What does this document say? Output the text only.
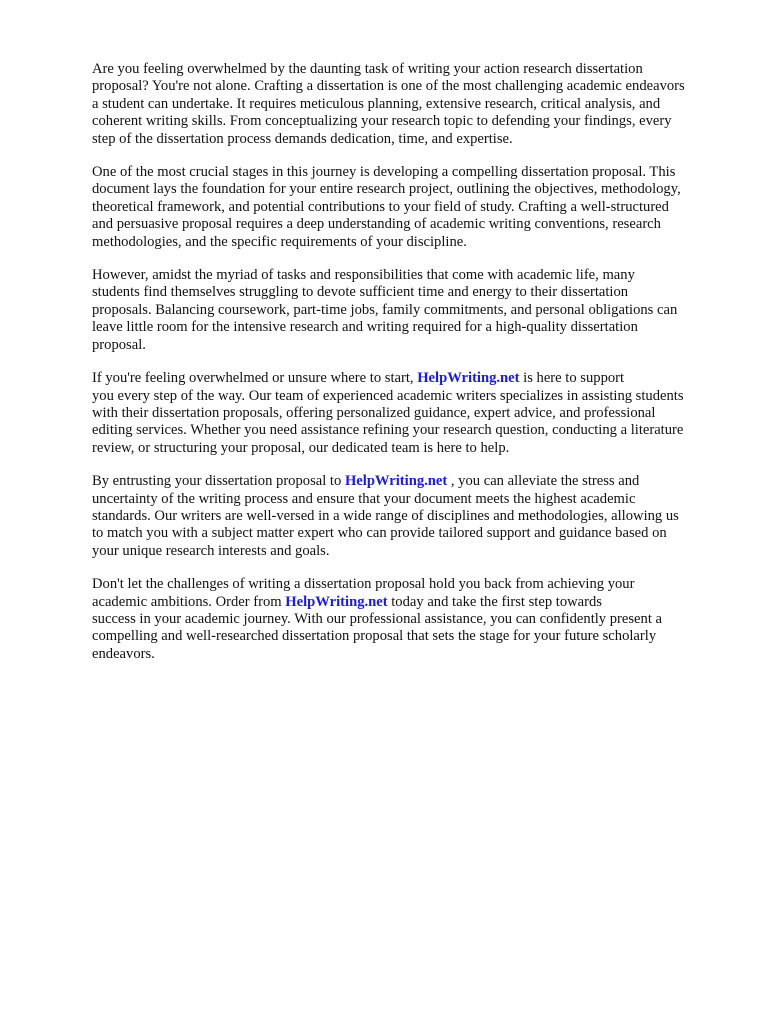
Are you feeling overwhelmed by the daunting task of writing your action research dissertation
proposal? You're not alone. Crafting a dissertation is one of the most challenging academic endeavors
a student can undertake. It requires meticulous planning, extensive research, critical analysis, and
coherent writing skills. From conceptualizing your research topic to defending your findings, every
step of the dissertation process demands dedication, time, and expertise.

One of the most crucial stages in this journey is developing a compelling dissertation proposal. This
document lays the foundation for your entire research project, outlining the objectives, methodology,
theoretical framework, and potential contributions to your field of study. Crafting a well-structured
and persuasive proposal requires a deep understanding of academic writing conventions, research
methodologies, and the specific requirements of your discipline.

However, amidst the myriad of tasks and responsibilities that come with academic life, many
students find themselves struggling to devote sufficient time and energy to their dissertation
proposals. Balancing coursework, part-time jobs, family commitments, and personal obligations can
leave little room for the intensive research and writing required for a high-quality dissertation
proposal.

If you're feeling overwhelmed or unsure where to start, HelpWriting.net is here to support
you every step of the way. Our team of experienced academic writers specializes in assisting students
with their dissertation proposals, offering personalized guidance, expert advice, and professional
editing services. Whether you need assistance refining your research question, conducting a literature
review, or structuring your proposal, our dedicated team is here to help.

By entrusting your dissertation proposal to HelpWriting.net , you can alleviate the stress and
uncertainty of the writing process and ensure that your document meets the highest academic
standards. Our writers are well-versed in a wide range of disciplines and methodologies, allowing us
to match you with a subject matter expert who can provide tailored support and guidance based on
your unique research interests and goals.

Don't let the challenges of writing a dissertation proposal hold you back from achieving your
academic ambitions. Order from HelpWriting.net today and take the first step towards
success in your academic journey. With our professional assistance, you can confidently present a
compelling and well-researched dissertation proposal that sets the stage for your future scholarly
endeavors.
